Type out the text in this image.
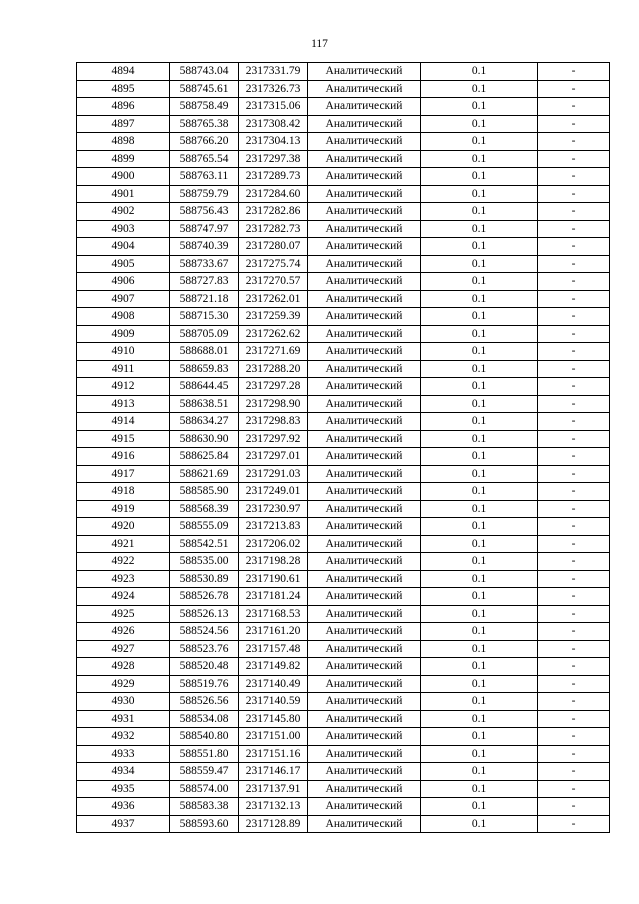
117
4894	588743.04	2317331.79	Аналитический	0.1	-
4895	588745.61	2317326.73	Аналитический	0.1	-
4896	588758.49	2317315.06	Аналитический	0.1	-
4897	588765.38	2317308.42	Аналитический	0.1	-
4898	588766.20	2317304.13	Аналитический	0.1	-
4899	588765.54	2317297.38	Аналитический	0.1	-
4900	588763.11	2317289.73	Аналитический	0.1	-
4901	588759.79	2317284.60	Аналитический	0.1	-
4902	588756.43	2317282.86	Аналитический	0.1	-
4903	588747.97	2317282.73	Аналитический	0.1	-
4904	588740.39	2317280.07	Аналитический	0.1	-
4905	588733.67	2317275.74	Аналитический	0.1	-
4906	588727.83	2317270.57	Аналитический	0.1	-
4907	588721.18	2317262.01	Аналитический	0.1	-
4908	588715.30	2317259.39	Аналитический	0.1	-
4909	588705.09	2317262.62	Аналитический	0.1	-
4910	588688.01	2317271.69	Аналитический	0.1	-
4911	588659.83	2317288.20	Аналитический	0.1	-
4912	588644.45	2317297.28	Аналитический	0.1	-
4913	588638.51	2317298.90	Аналитический	0.1	-
4914	588634.27	2317298.83	Аналитический	0.1	-
4915	588630.90	2317297.92	Аналитический	0.1	-
4916	588625.84	2317297.01	Аналитический	0.1	-
4917	588621.69	2317291.03	Аналитический	0.1	-
4918	588585.90	2317249.01	Аналитический	0.1	-
4919	588568.39	2317230.97	Аналитический	0.1	-
4920	588555.09	2317213.83	Аналитический	0.1	-
4921	588542.51	2317206.02	Аналитический	0.1	-
4922	588535.00	2317198.28	Аналитический	0.1	-
4923	588530.89	2317190.61	Аналитический	0.1	-
4924	588526.78	2317181.24	Аналитический	0.1	-
4925	588526.13	2317168.53	Аналитический	0.1	-
4926	588524.56	2317161.20	Аналитический	0.1	-
4927	588523.76	2317157.48	Аналитический	0.1	-
4928	588520.48	2317149.82	Аналитический	0.1	-
4929	588519.76	2317140.49	Аналитический	0.1	-
4930	588526.56	2317140.59	Аналитический	0.1	-
4931	588534.08	2317145.80	Аналитический	0.1	-
4932	588540.80	2317151.00	Аналитический	0.1	-
4933	588551.80	2317151.16	Аналитический	0.1	-
4934	588559.47	2317146.17	Аналитический	0.1	-
4935	588574.00	2317137.91	Аналитический	0.1	-
4936	588583.38	2317132.13	Аналитический	0.1	-
4937	588593.60	2317128.89	Аналитический	0.1	-
